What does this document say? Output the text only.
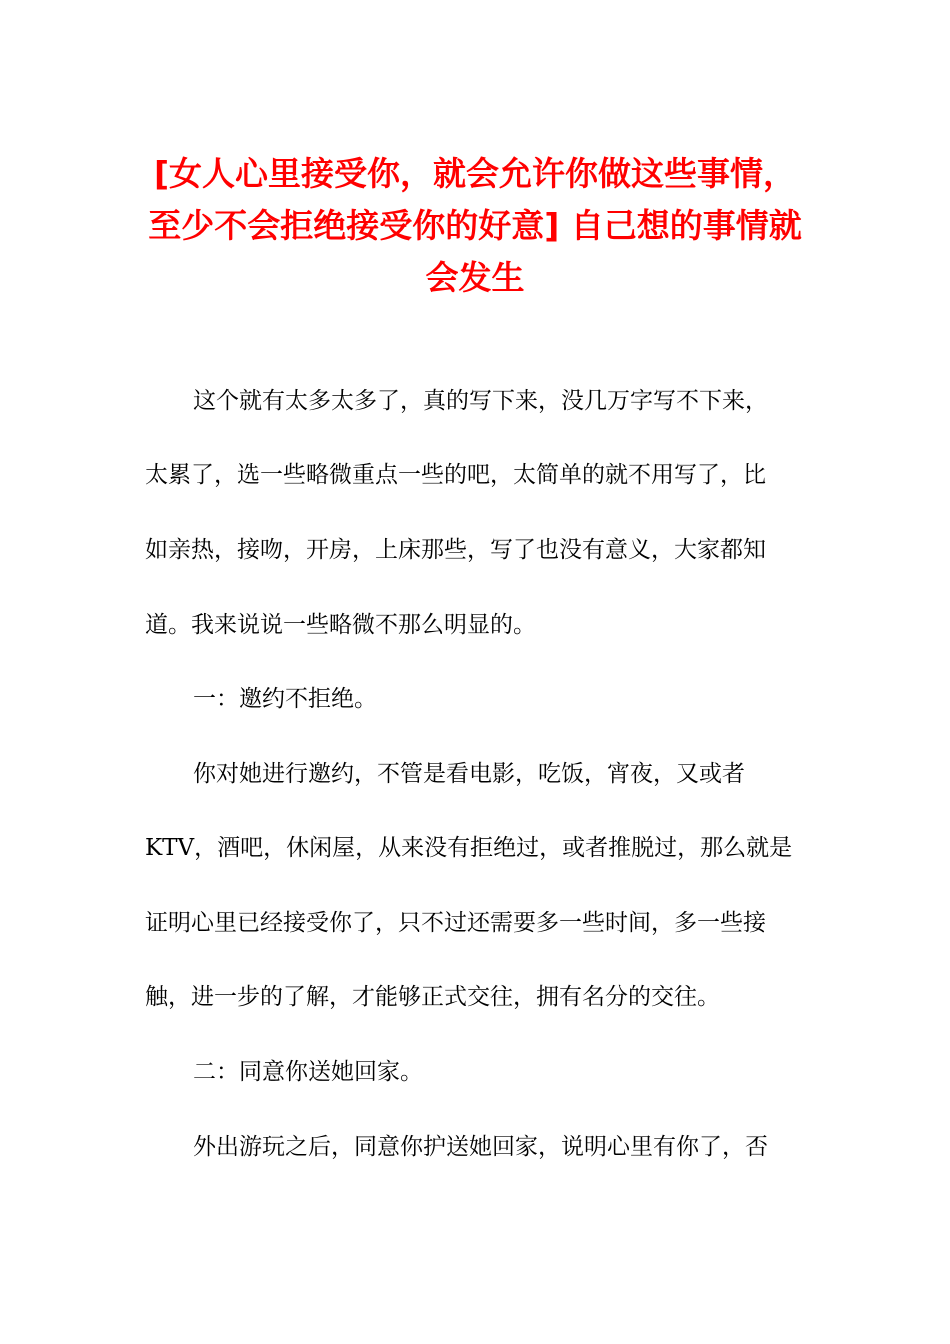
[女人心里接受你，就会允许你做这些事情，
至少不会拒绝接受你的好意] 自己想的事情就
会发生
这个就有太多太多了，真的写下来，没几万字写不下来，
太累了，选一些略微重点一些的吧，太简单的就不用写了，比
如亲热，接吻，开房，上床那些，写了也没有意义，大家都知
道。我来说说一些略微不那么明显的。
一：邀约不拒绝。
你对她进行邀约，不管是看电影，吃饭，宵夜，又或者
KTV，酒吧，休闲屋，从来没有拒绝过，或者推脱过，那么就是
证明心里已经接受你了，只不过还需要多一些时间，多一些接
触，进一步的了解，才能够正式交往，拥有名分的交往。
二：同意你送她回家。
外出游玩之后，同意你护送她回家，说明心里有你了，否
